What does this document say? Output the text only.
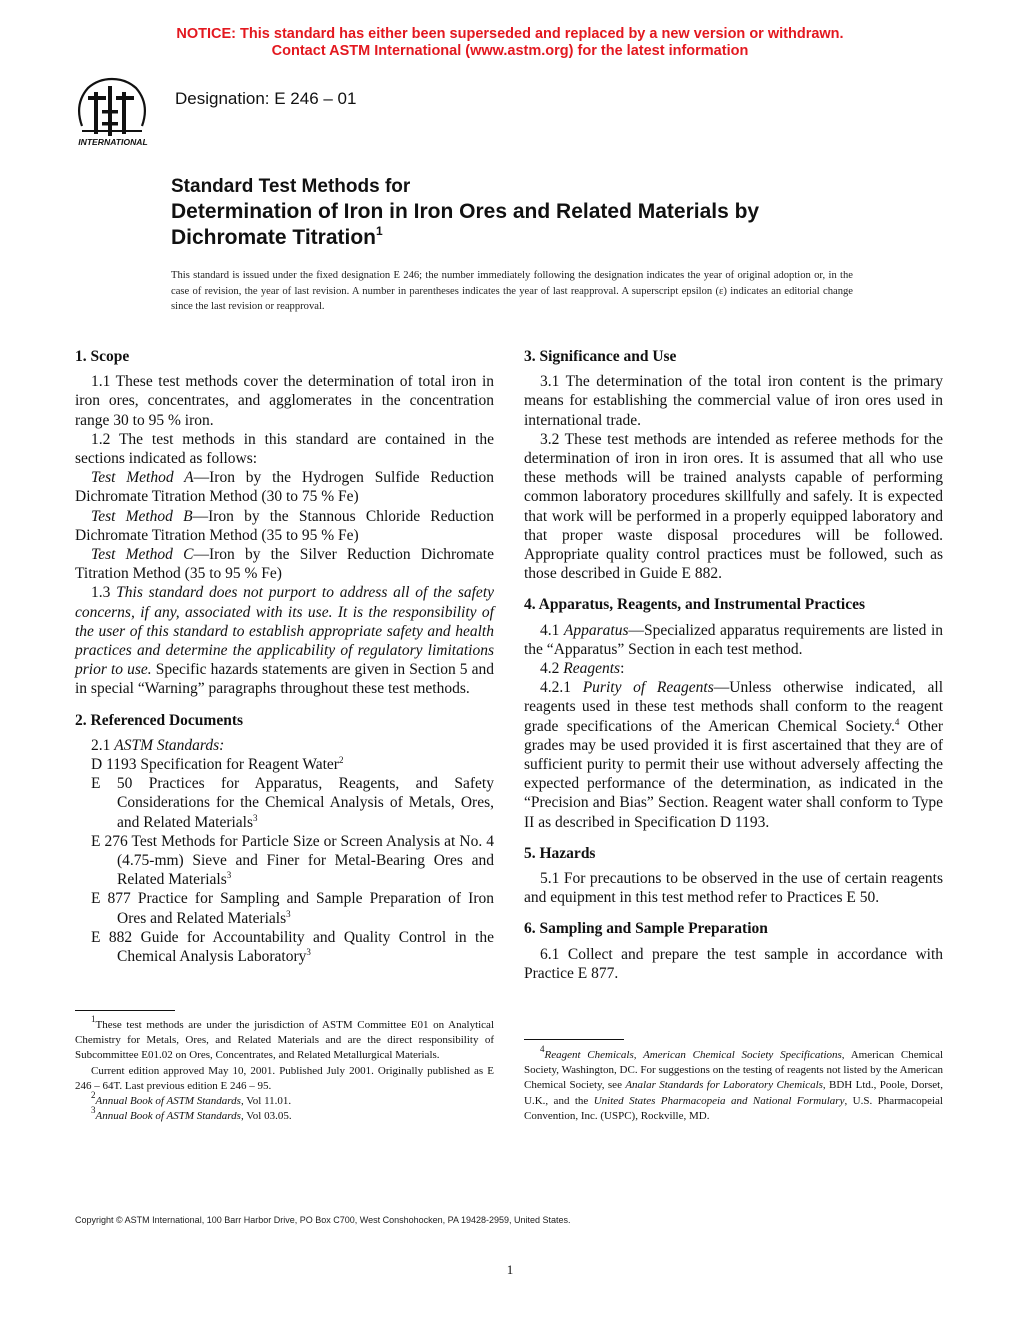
NOTICE: This standard has either been superseded and replaced by a new version or withdrawn.
Contact ASTM International (www.astm.org) for the latest information
INTERNATIONAL
Designation: E 246 – 01
Standard Test Methods for
Determination of Iron in Iron Ores and Related Materials by
Dichromate Titration$^1$
This standard is issued under the fixed designation E 246; the number immediately following the designation indicates the year of original adoption or, in the case of revision, the year of last revision. A number in parentheses indicates the year of last reapproval. A superscript epsilon (ε) indicates an editorial change since the last revision or reapproval.
1. Scope

1.1 These test methods cover the determination of total iron in iron ores, concentrates, and agglomerates in the concentration range 30 to 95 % iron.

1.2 The test methods in this standard are contained in the sections indicated as follows:

Test Method A—Iron by the Hydrogen Sulfide Reduction Dichromate Titration Method (30 to 75 % Fe)

Test Method B—Iron by the Stannous Chloride Reduction Dichromate Titration Method (35 to 95 % Fe)

Test Method C—Iron by the Silver Reduction Dichromate Titration Method (35 to 95 % Fe)

1.3 This standard does not purport to address all of the safety concerns, if any, associated with its use. It is the responsibility of the user of this standard to establish appropriate safety and health practices and determine the applicability of regulatory limitations prior to use. Specific hazards statements are given in Section 5 and in special “Warning” paragraphs throughout these test methods.

2. Referenced Documents

2.1 ASTM Standards:

D 1193 Specification for Reagent Water$^2$

E 50 Practices for Apparatus, Reagents, and Safety Considerations for the Chemical Analysis of Metals, Ores, and Related Materials$^3$

E 276 Test Methods for Particle Size or Screen Analysis at No. 4 (4.75-mm) Sieve and Finer for Metal-Bearing Ores and Related Materials$^3$

E 877 Practice for Sampling and Sample Preparation of Iron Ores and Related Materials$^3$

E 882 Guide for Accountability and Quality Control in the Chemical Analysis Laboratory$^3$

3. Significance and Use

3.1 The determination of the total iron content is the primary means for establishing the commercial value of iron ores used in international trade.

3.2 These test methods are intended as referee methods for the determination of iron in iron ores. It is assumed that all who use these methods will be trained analysts capable of performing common laboratory procedures skillfully and safely. It is expected that work will be performed in a properly equipped laboratory and that proper waste disposal procedures will be followed. Appropriate quality control practices must be followed, such as those described in Guide E 882.

4. Apparatus, Reagents, and Instrumental Practices

4.1 Apparatus—Specialized apparatus requirements are listed in the “Apparatus” Section in each test method.

4.2 Reagents:

4.2.1 Purity of Reagents—Unless otherwise indicated, all reagents used in these test methods shall conform to the reagent grade specifications of the American Chemical Society.$^4$ Other grades may be used provided it is first ascertained that they are of sufficient purity to permit their use without adversely affecting the expected performance of the determination, as indicated in the “Precision and Bias” Section. Reagent water shall conform to Type II as described in Specification D 1193.

5. Hazards

5.1 For precautions to be observed in the use of certain reagents and equipment in this test method refer to Practices E 50.

6. Sampling and Sample Preparation

6.1 Collect and prepare the test sample in accordance with Practice E 877.

$^1$These test methods are under the jurisdiction of ASTM Committee E01 on Analytical Chemistry for Metals, Ores, and Related Materials and are the direct responsibility of Subcommittee E01.02 on Ores, Concentrates, and Related Metallurgical Materials.

Current edition approved May 10, 2001. Published July 2001. Originally published as E 246 – 64T. Last previous edition E 246 – 95.

$^2$Annual Book of ASTM Standards, Vol 11.01.

$^3$Annual Book of ASTM Standards, Vol 03.05.

$^4$Reagent Chemicals, American Chemical Society Specifications, American Chemical Society, Washington, DC. For suggestions on the testing of reagents not listed by the American Chemical Society, see Analar Standards for Laboratory Chemicals, BDH Ltd., Poole, Dorset, U.K., and the United States Pharmacopeia and National Formulary, U.S. Pharmacopeial Convention, Inc. (USPC), Rockville, MD.

Copyright © ASTM International, 100 Barr Harbor Drive, PO Box C700, West Conshohocken, PA 19428-2959, United States.
1
